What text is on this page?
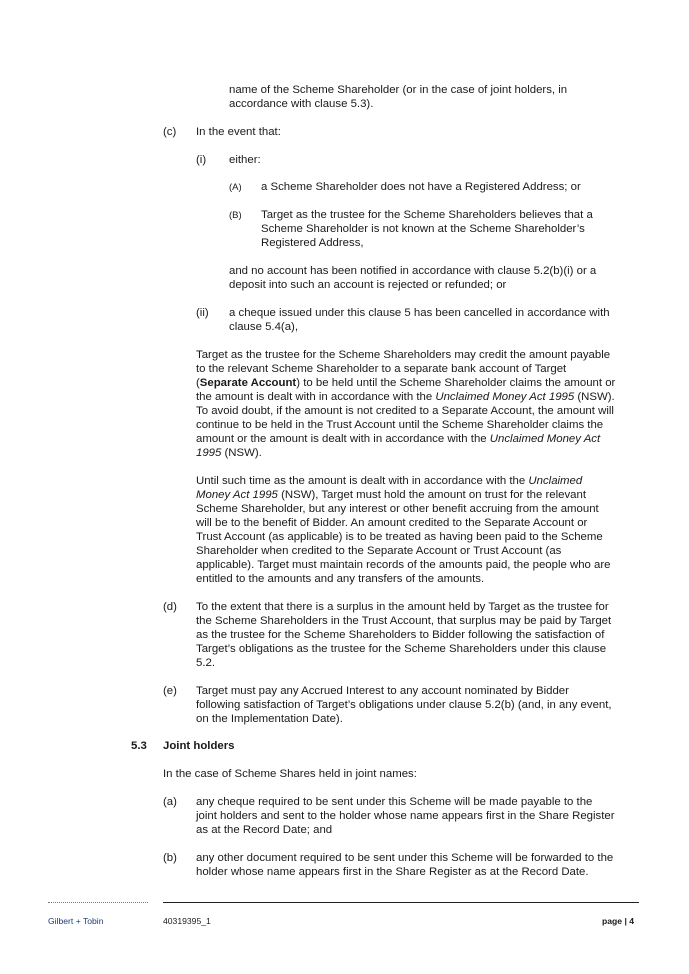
name of the Scheme Shareholder (or in the case of joint holders, in
accordance with clause 5.3).
(c) In the event that:
(i) either:
(A) a Scheme Shareholder does not have a Registered Address; or
(B) Target as the trustee for the Scheme Shareholders believes that a
Scheme Shareholder is not known at the Scheme Shareholder’s
Registered Address,
and no account has been notified in accordance with clause 5.2(b)(i) or a
deposit into such an account is rejected or refunded; or
(ii) a cheque issued under this clause 5 has been cancelled in accordance with
clause 5.4(a),
Target as the trustee for the Scheme Shareholders may credit the amount payable
to the relevant Scheme Shareholder to a separate bank account of Target
(Separate Account) to be held until the Scheme Shareholder claims the amount or
the amount is dealt with in accordance with the Unclaimed Money Act 1995 (NSW).
To avoid doubt, if the amount is not credited to a Separate Account, the amount will
continue to be held in the Trust Account until the Scheme Shareholder claims the
amount or the amount is dealt with in accordance with the Unclaimed Money Act
1995 (NSW).
Until such time as the amount is dealt with in accordance with the Unclaimed
Money Act 1995 (NSW), Target must hold the amount on trust for the relevant
Scheme Shareholder, but any interest or other benefit accruing from the amount
will be to the benefit of Bidder. An amount credited to the Separate Account or
Trust Account (as applicable) is to be treated as having been paid to the Scheme
Shareholder when credited to the Separate Account or Trust Account (as
applicable). Target must maintain records of the amounts paid, the people who are
entitled to the amounts and any transfers of the amounts.
(d) To the extent that there is a surplus in the amount held by Target as the trustee for
the Scheme Shareholders in the Trust Account, that surplus may be paid by Target
as the trustee for the Scheme Shareholders to Bidder following the satisfaction of
Target’s obligations as the trustee for the Scheme Shareholders under this clause
5.2.
(e) Target must pay any Accrued Interest to any account nominated by Bidder
following satisfaction of Target’s obligations under clause 5.2(b) (and, in any event,
on the Implementation Date).
5.3 Joint holders
In the case of Scheme Shares held in joint names:
(a) any cheque required to be sent under this Scheme will be made payable to the
joint holders and sent to the holder whose name appears first in the Share Register
as at the Record Date; and
(b) any other document required to be sent under this Scheme will be forwarded to the
holder whose name appears first in the Share Register as at the Record Date.
Gilbert + Tobin	40319395_1	page | 4
